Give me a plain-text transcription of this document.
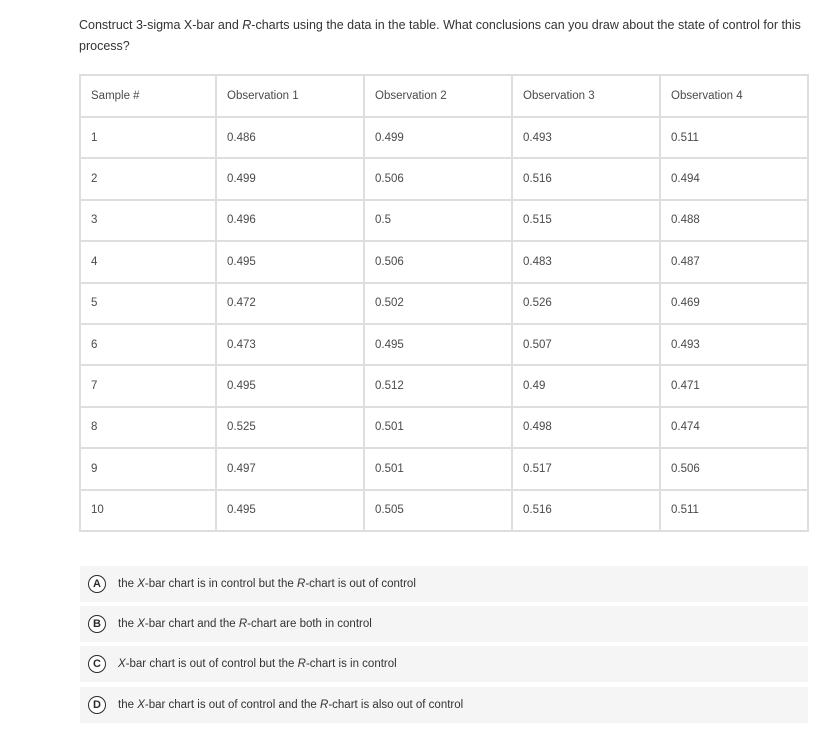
Construct 3-sigma X-bar and R-charts using the data in the table. What conclusions can you draw about the state of control for this process?
Sample #	Observation 1	Observation 2	Observation 3	Observation 4
1	0.486	0.499	0.493	0.511
2	0.499	0.506	0.516	0.494
3	0.496	0.5	0.515	0.488
4	0.495	0.506	0.483	0.487
5	0.472	0.502	0.526	0.469
6	0.473	0.495	0.507	0.493
7	0.495	0.512	0.49	0.471
8	0.525	0.501	0.498	0.474
9	0.497	0.501	0.517	0.506
10	0.495	0.505	0.516	0.511
A	the X-bar chart is in control but the R-chart is out of control
B	the X-bar chart and the R-chart are both in control
C	X-bar chart is out of control but the R-chart is in control
D	the X-bar chart is out of control and the R-chart is also out of control
